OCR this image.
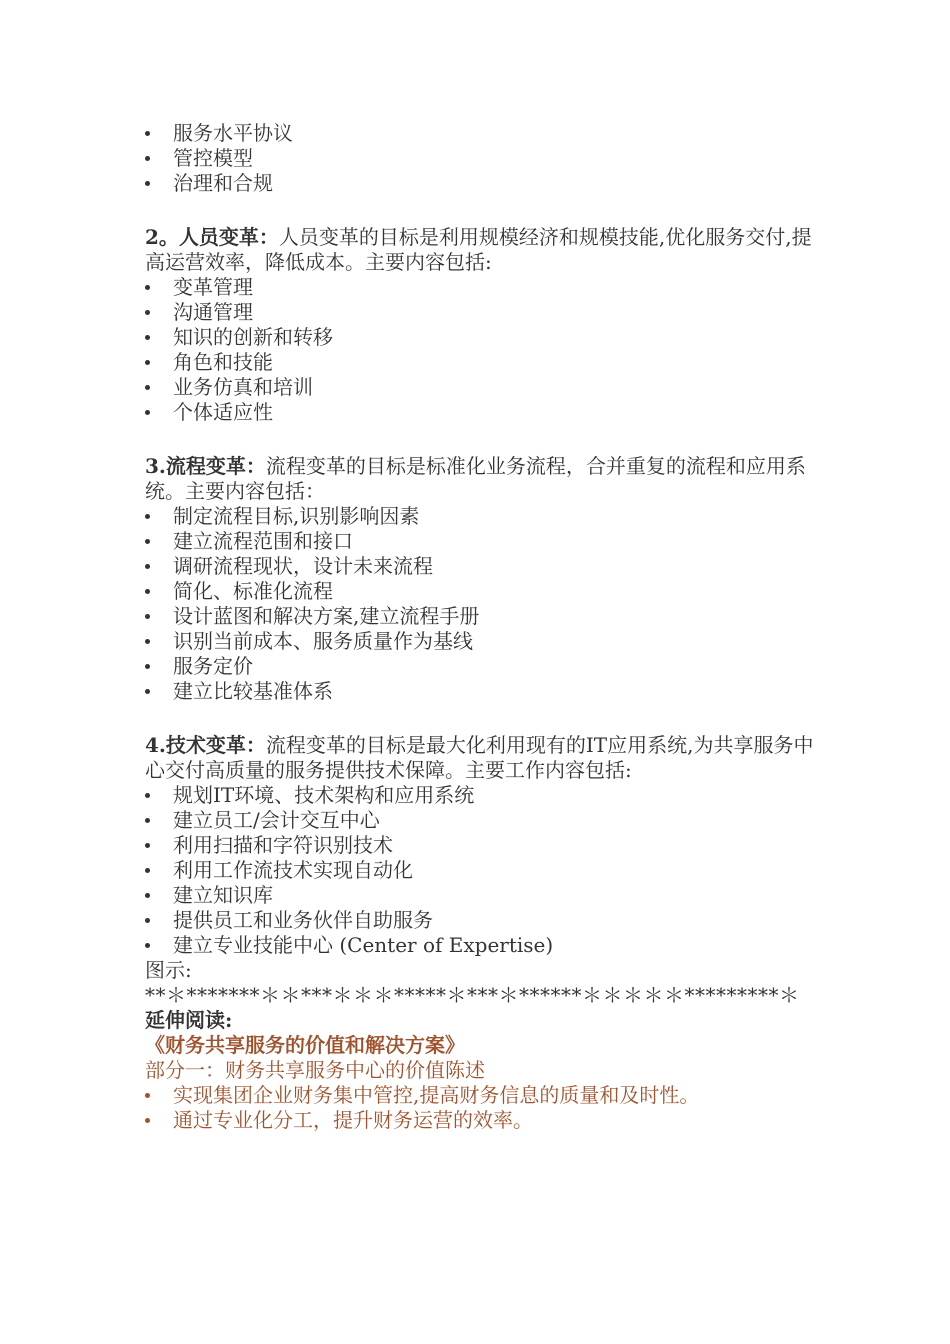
服务水平协议
管控模型
治理和合规

2。人员变革：人员变革的目标是利用规模经济和规模技能,优化服务交付,提高运营效率，降低成本。主要内容包括:

变革管理
沟通管理
知识的创新和转移
角色和技能
业务仿真和培训
个体适应性

3.流程变革：流程变革的目标是标准化业务流程，合并重复的流程和应用系统。主要内容包括：

制定流程目标,识别影响因素
建立流程范围和接口
调研流程现状，设计未来流程
简化、标准化流程
设计蓝图和解决方案,建立流程手册
识别当前成本、服务质量作为基线
服务定价
建立比较基准体系

4.技术变革：流程变革的目标是最大化利用现有的IT应用系统,为共享服务中心交付高质量的服务提供技术保障。主要工作内容包括:

规划IT环境、技术架构和应用系统
建立员工/会计交互中心
利用扫描和字符识别技术
利用工作流技术实现自动化
建立知识库
提供员工和业务伙伴自助服务
建立专业技能中心 (Center of Expertise)

图示:

**＊*******＊＊***＊＊＊*****＊***＊******＊＊＊＊＊*********＊

延伸阅读:

《财务共享服务的价值和解决方案》

部分一：财务共享服务中心的价值陈述

实现集团企业财务集中管控,提高财务信息的质量和及时性。
通过专业化分工，提升财务运营的效率。
